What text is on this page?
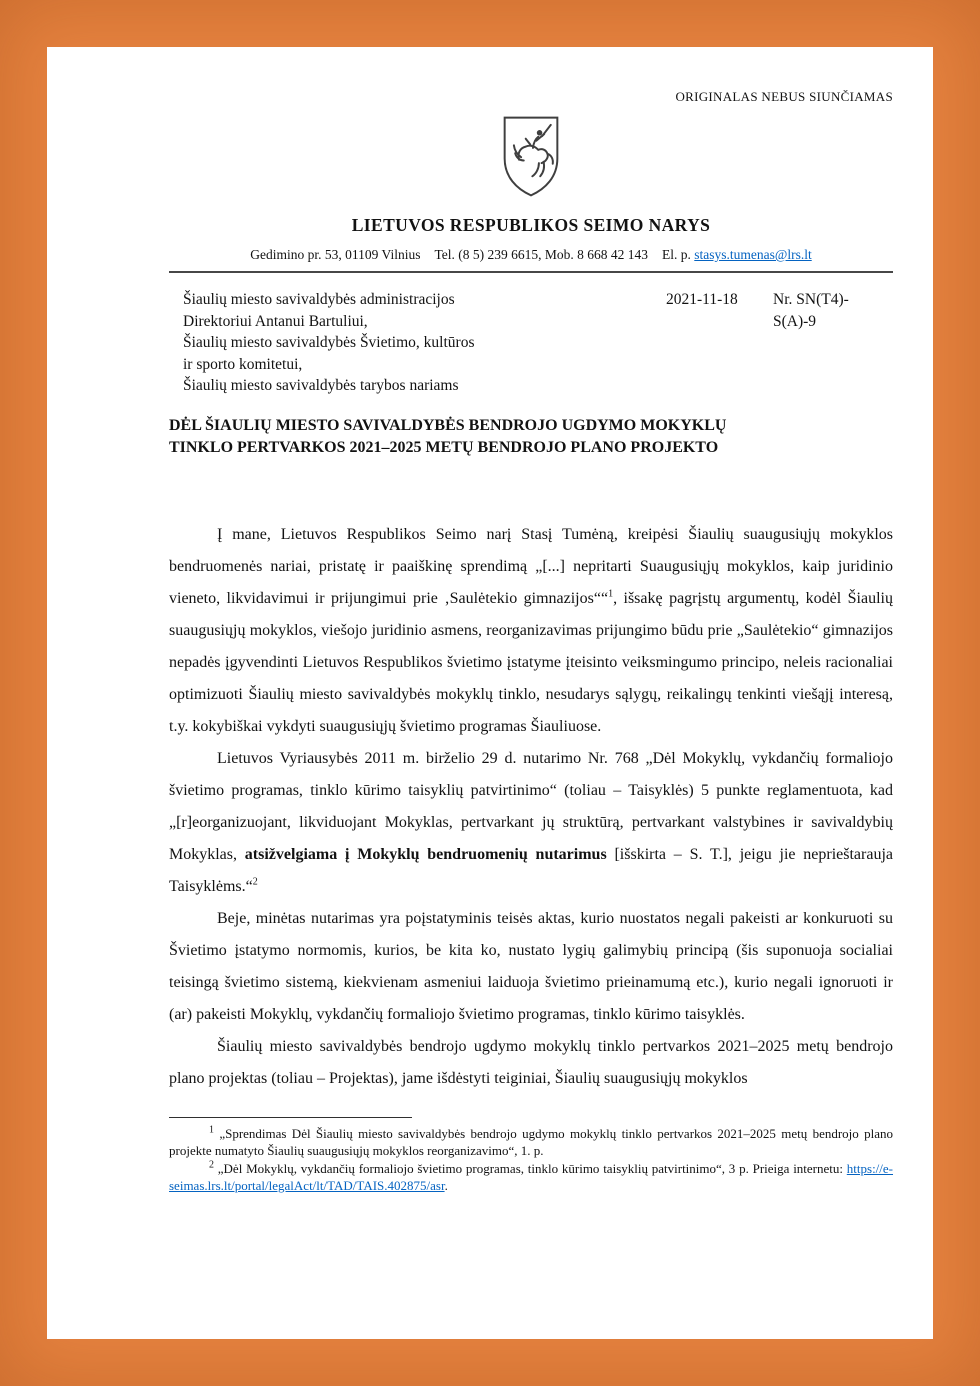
ORIGINALAS NEBUS SIUNČIAMAS
LIETUVOS RESPUBLIKOS SEIMO NARYS
Gedimino pr. 53, 01109 Vilnius Tel. (8 5) 239 6615, Mob. 8 668 42 143 El. p. stasys.tumenas@lrs.lt
Šiaulių miesto savivaldybės administracijos
Direktoriui Antanui Bartuliui,
Šiaulių miesto savivaldybės Švietimo, kultūros
ir sporto komitetui,
Šiaulių miesto savivaldybės tarybos nariams
2021-11-18	Nr. SN(T4)-
S(A)-9
DĖL ŠIAULIŲ MIESTO SAVIVALDYBĖS BENDROJO UGDYMO MOKYKLŲ
TINKLO PERTVARKOS 2021–2025 METŲ BENDROJO PLANO PROJEKTO

Į mane, Lietuvos Respublikos Seimo narį Stasį Tumėną, kreipėsi Šiaulių suaugusiųjų mokyklos bendruomenės nariai, pristatę ir paaiškinę sprendimą „[...] nepritarti Suaugusiųjų mokyklos, kaip juridinio vieneto, likvidavimui ir prijungimui prie ‚Saulėtekio gimnazijos““$^1$, išsakę pagrįstų argumentų, kodėl Šiaulių suaugusiųjų mokyklos, viešojo juridinio asmens, reorganizavimas prijungimo būdu prie „Saulėtekio“ gimnazijos nepadės įgyvendinti Lietuvos Respublikos švietimo įstatyme įteisinto veiksmingumo principo, neleis racionaliai optimizuoti Šiaulių miesto savivaldybės mokyklų tinklo, nesudarys sąlygų, reikalingų tenkinti viešąjį interesą, t.y. kokybiškai vykdyti suaugusiųjų švietimo programas Šiauliuose.

Lietuvos Vyriausybės 2011 m. birželio 29 d. nutarimo Nr. 768 „Dėl Mokyklų, vykdančių formaliojo švietimo programas, tinklo kūrimo taisyklių patvirtinimo“ (toliau – Taisyklės) 5 punkte reglamentuota, kad „[r]eorganizuojant, likviduojant Mokyklas, pertvarkant jų struktūrą, pertvarkant valstybines ir savivaldybių Mokyklas, atsižvelgiama į Mokyklų bendruomenių nutarimus [išskirta – S. T.], jeigu jie neprieštarauja Taisyklėms.“$^2$

Beje, minėtas nutarimas yra poįstatyminis teisės aktas, kurio nuostatos negali pakeisti ar konkuruoti su Švietimo įstatymo normomis, kurios, be kita ko, nustato lygių galimybių principą (šis suponuoja socialiai teisingą švietimo sistemą, kiekvienam asmeniui laiduoja švietimo prieinamumą etc.), kurio negali ignoruoti ir (ar) pakeisti Mokyklų, vykdančių formaliojo švietimo programas, tinklo kūrimo taisyklės.

Šiaulių miesto savivaldybės bendrojo ugdymo mokyklų tinklo pertvarkos 2021–2025 metų bendrojo plano projektas (toliau – Projektas), jame išdėstyti teiginiai, Šiaulių suaugusiųjų mokyklos

$^1$ „Sprendimas Dėl Šiaulių miesto savivaldybės bendrojo ugdymo mokyklų tinklo pertvarkos 2021–2025 metų bendrojo plano projekte numatyto Šiaulių suaugusiųjų mokyklos reorganizavimo“, 1. p.

$^2$ „Dėl Mokyklų, vykdančių formaliojo švietimo programas, tinklo kūrimo taisyklių patvirtinimo“, 3 p. Prieiga internetu: https://e-seimas.lrs.lt/portal/legalAct/lt/TAD/TAIS.402875/asr.
